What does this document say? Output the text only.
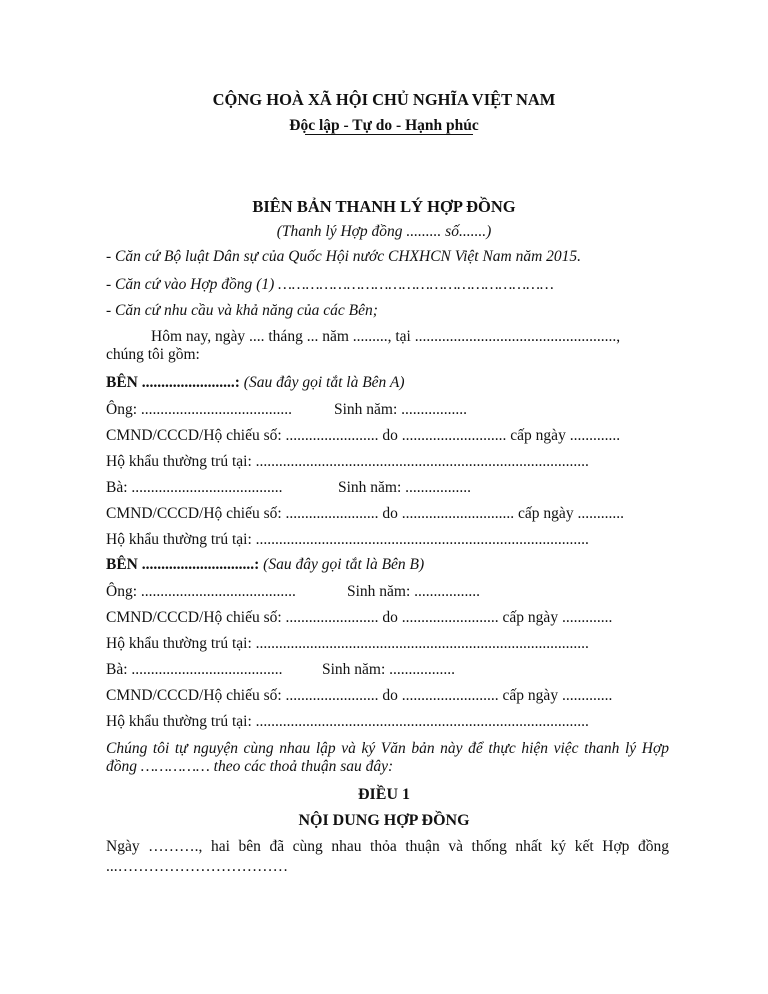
CỘNG HOÀ XÃ HỘI CHỦ NGHĨA VIỆT NAM
Độc lập - Tự do - Hạnh phúc
BIÊN BẢN THANH LÝ HỢP ĐỒNG
(Thanh lý Hợp đồng ......... số.......)
- Căn cứ Bộ luật Dân sự của Quốc Hội nước CHXHCN Việt Nam năm 2015.
- Căn cứ vào Hợp đồng (1) ……………………………………………………
- Căn cứ nhu cầu và khả năng của các Bên;
Hôm nay, ngày .... tháng ... năm ........., tại ....................................................,
chúng tôi gồm:
BÊN ........................: (Sau đây gọi tắt là Bên A)
Ông: .......................................	Sinh năm: .................
CMND/CCCD/Hộ chiếu số: ........................ do ........................... cấp ngày .............
Hộ khẩu thường trú tại: ......................................................................................
Bà: .......................................	Sinh năm: .................
CMND/CCCD/Hộ chiếu số: ........................ do ............................. cấp ngày ............
Hộ khẩu thường trú tại: ......................................................................................
BÊN .............................: (Sau đây gọi tắt là Bên B)
Ông: ........................................	Sinh năm: .................
CMND/CCCD/Hộ chiếu số: ........................ do ......................... cấp ngày .............
Hộ khẩu thường trú tại: ......................................................................................
Bà: .......................................	Sinh năm: .................
CMND/CCCD/Hộ chiếu số: ........................ do ......................... cấp ngày .............
Hộ khẩu thường trú tại: ......................................................................................
Chúng tôi tự nguyện cùng nhau lập và ký Văn bản này để thực hiện việc thanh lý Hợp
đồng …………… theo các thoả thuận sau đây:
ĐIỀU 1
NỘI DUNG HỢP ĐỒNG
Ngày ………., hai bên đã cùng nhau thỏa thuận và thống nhất ký kết Hợp đồng
...……………………………
